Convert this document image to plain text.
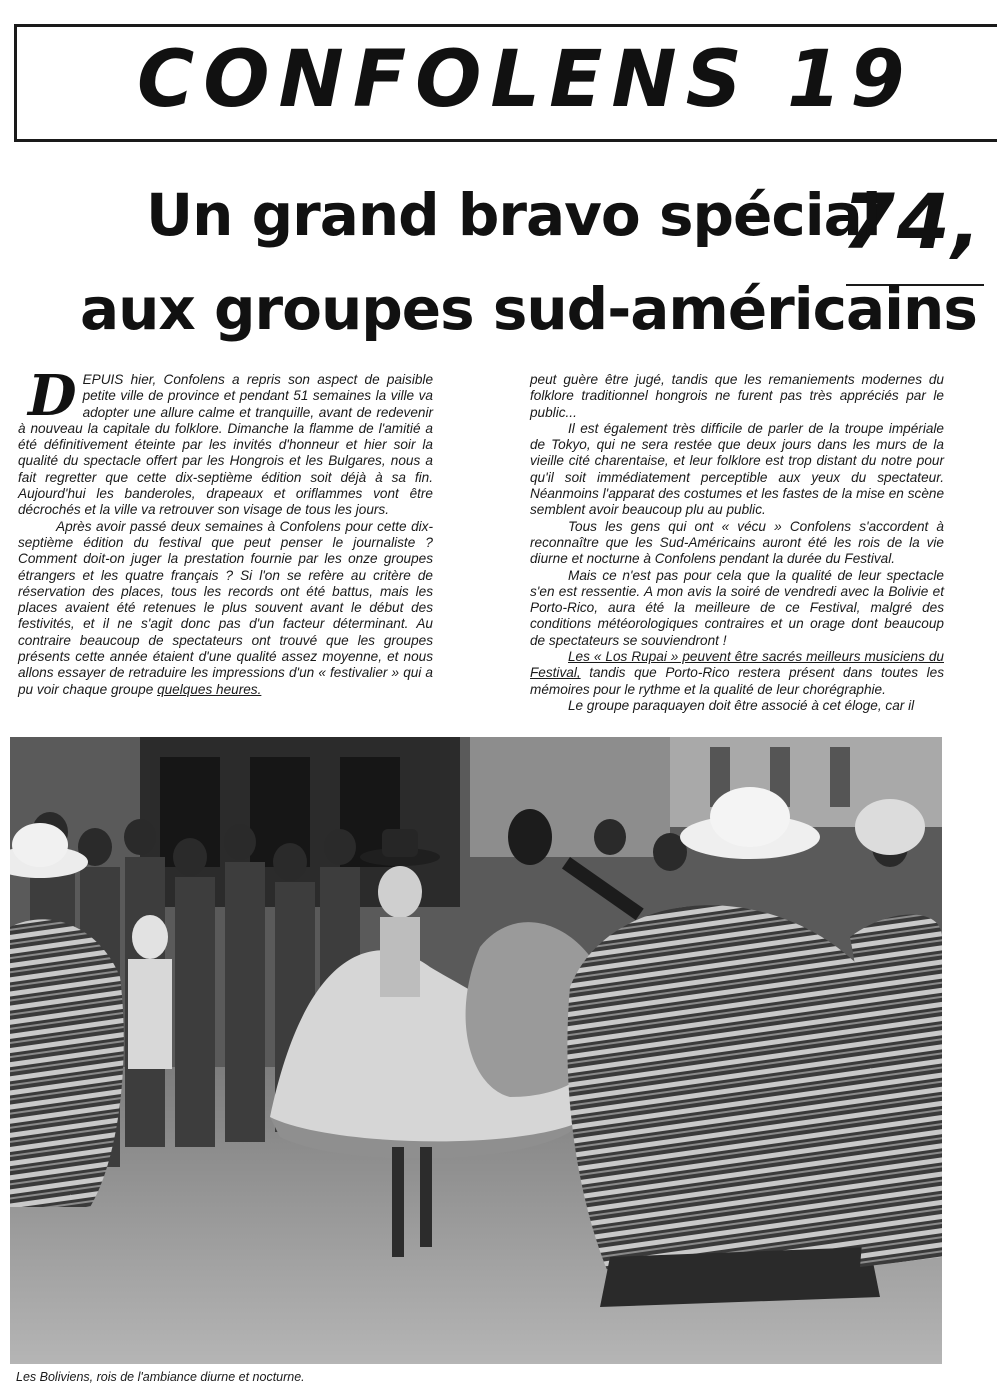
CONFOLENS 19
74,
Un grand bravo spécial
aux groupes sud-américains

DEPUIS hier, Confolens a repris son aspect de paisible petite ville de province et pendant 51 semaines la ville va adopter une allure calme et tranquille, avant de redevenir à nouveau la capitale du folklore. Dimanche la flamme de l'amitié a été définitivement éteinte par les invités d'honneur et hier soir la qualité du spectacle offert par les Hongrois et les Bulgares, nous a fait regretter que cette dix-septième édition soit déjà à sa fin. Aujourd'hui les banderoles, drapeaux et oriflammes vont être décrochés et la ville va retrouver son visage de tous les jours.

Après avoir passé deux semaines à Confolens pour cette dix-septième édition du festival que peut penser le journaliste ? Comment doit-on juger la prestation fournie par les onze groupes étrangers et les quatre français ? Si l'on se refère au critère de réservation des places, tous les records ont été battus, mais les places avaient été retenues le plus souvent avant le début des festivités, et il ne s'agit donc pas d'un facteur déterminant. Au contraire beaucoup de spectateurs ont trouvé que les groupes présents cette année étaient d'une qualité assez moyenne, et nous allons essayer de retraduire les impressions d'un « festivalier » qui a pu voir chaque groupe quelques heures.

peut guère être jugé, tandis que les remaniements modernes du folklore traditionnel hongrois ne furent pas très appréciés par le public...

Il est également très difficile de parler de la troupe impériale de Tokyo, qui ne sera restée que deux jours dans les murs de la vieille cité charentaise, et leur folklore est trop distant du notre pour qu'il soit immédiatement perceptible aux yeux du spectateur. Néanmoins l'apparat des costumes et les fastes de la mise en scène semblent avoir beaucoup plu au public.

Tous les gens qui ont « vécu » Confolens s'accordent à reconnaître que les Sud-Américains auront été les rois de la vie diurne et nocturne à Confolens pendant la durée du Festival.

Mais ce n'est pas pour cela que la qualité de leur spectacle s'en est ressentie. A mon avis la soiré de vendredi avec la Bolivie et Porto-Rico, aura été la meilleure de ce Festival, malgré des conditions météorologiques contraires et un orage dont beaucoup de spectateurs se souviendront !

Les « Los Rupai » peuvent être sacrés meilleurs musiciens du Festival, tandis que Porto-Rico restera présent dans toutes les mémoires pour le rythme et la qualité de leur chorégraphie.

Le groupe paraquayen doit être associé à cet éloge, car il

Les Boliviens, rois de l'ambiance diurne et nocturne.
